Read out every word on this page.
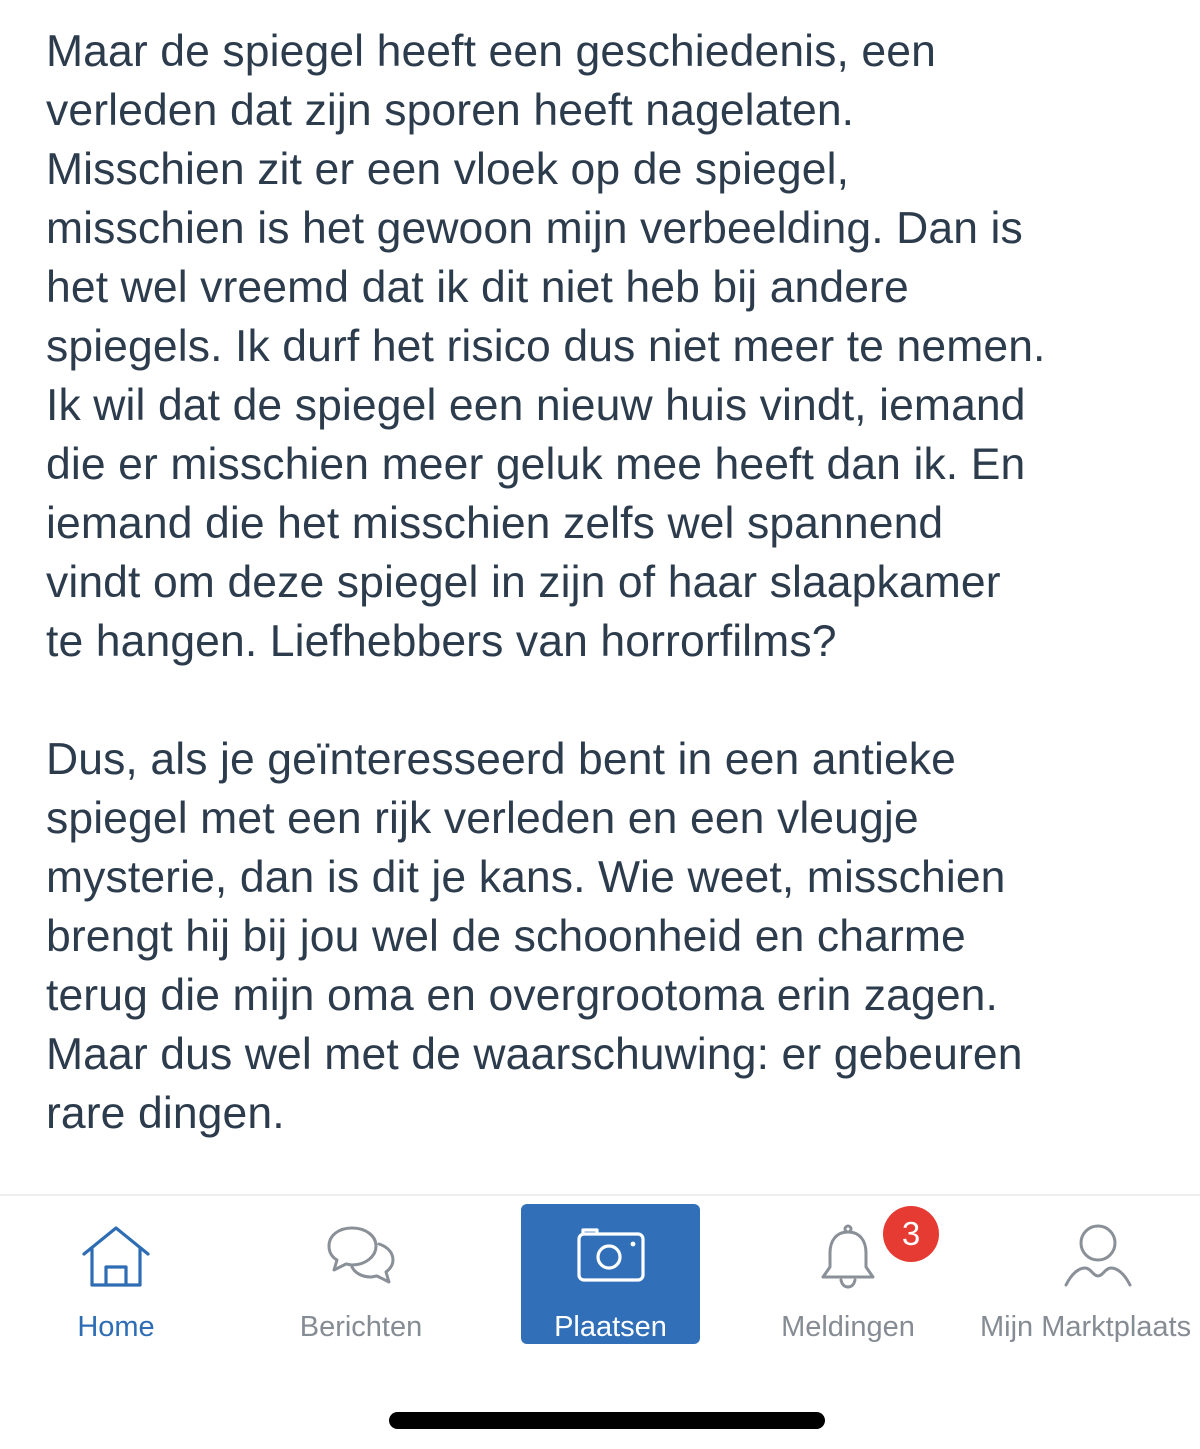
Maar de spiegel heeft een geschiedenis, een
verleden dat zijn sporen heeft nagelaten.
Misschien zit er een vloek op de spiegel,
misschien is het gewoon mijn verbeelding. Dan is
het wel vreemd dat ik dit niet heb bij andere
spiegels. Ik durf het risico dus niet meer te nemen.
Ik wil dat de spiegel een nieuw huis vindt, iemand
die er misschien meer geluk mee heeft dan ik. En
iemand die het misschien zelfs wel spannend
vindt om deze spiegel in zijn of haar slaapkamer
te hangen. Liefhebbers van horrorfilms?

Dus, als je geïnteresseerd bent in een antieke
spiegel met een rijk verleden en een vleugje
mysterie, dan is dit je kans. Wie weet, misschien
brengt hij bij jou wel de schoonheid en charme
terug die mijn oma en overgrootoma erin zagen.
Maar dus wel met de waarschuwing: er gebeuren
rare dingen.

Home	Berichten	Plaatsen	Meldingen Mijn Marktplaats
3
